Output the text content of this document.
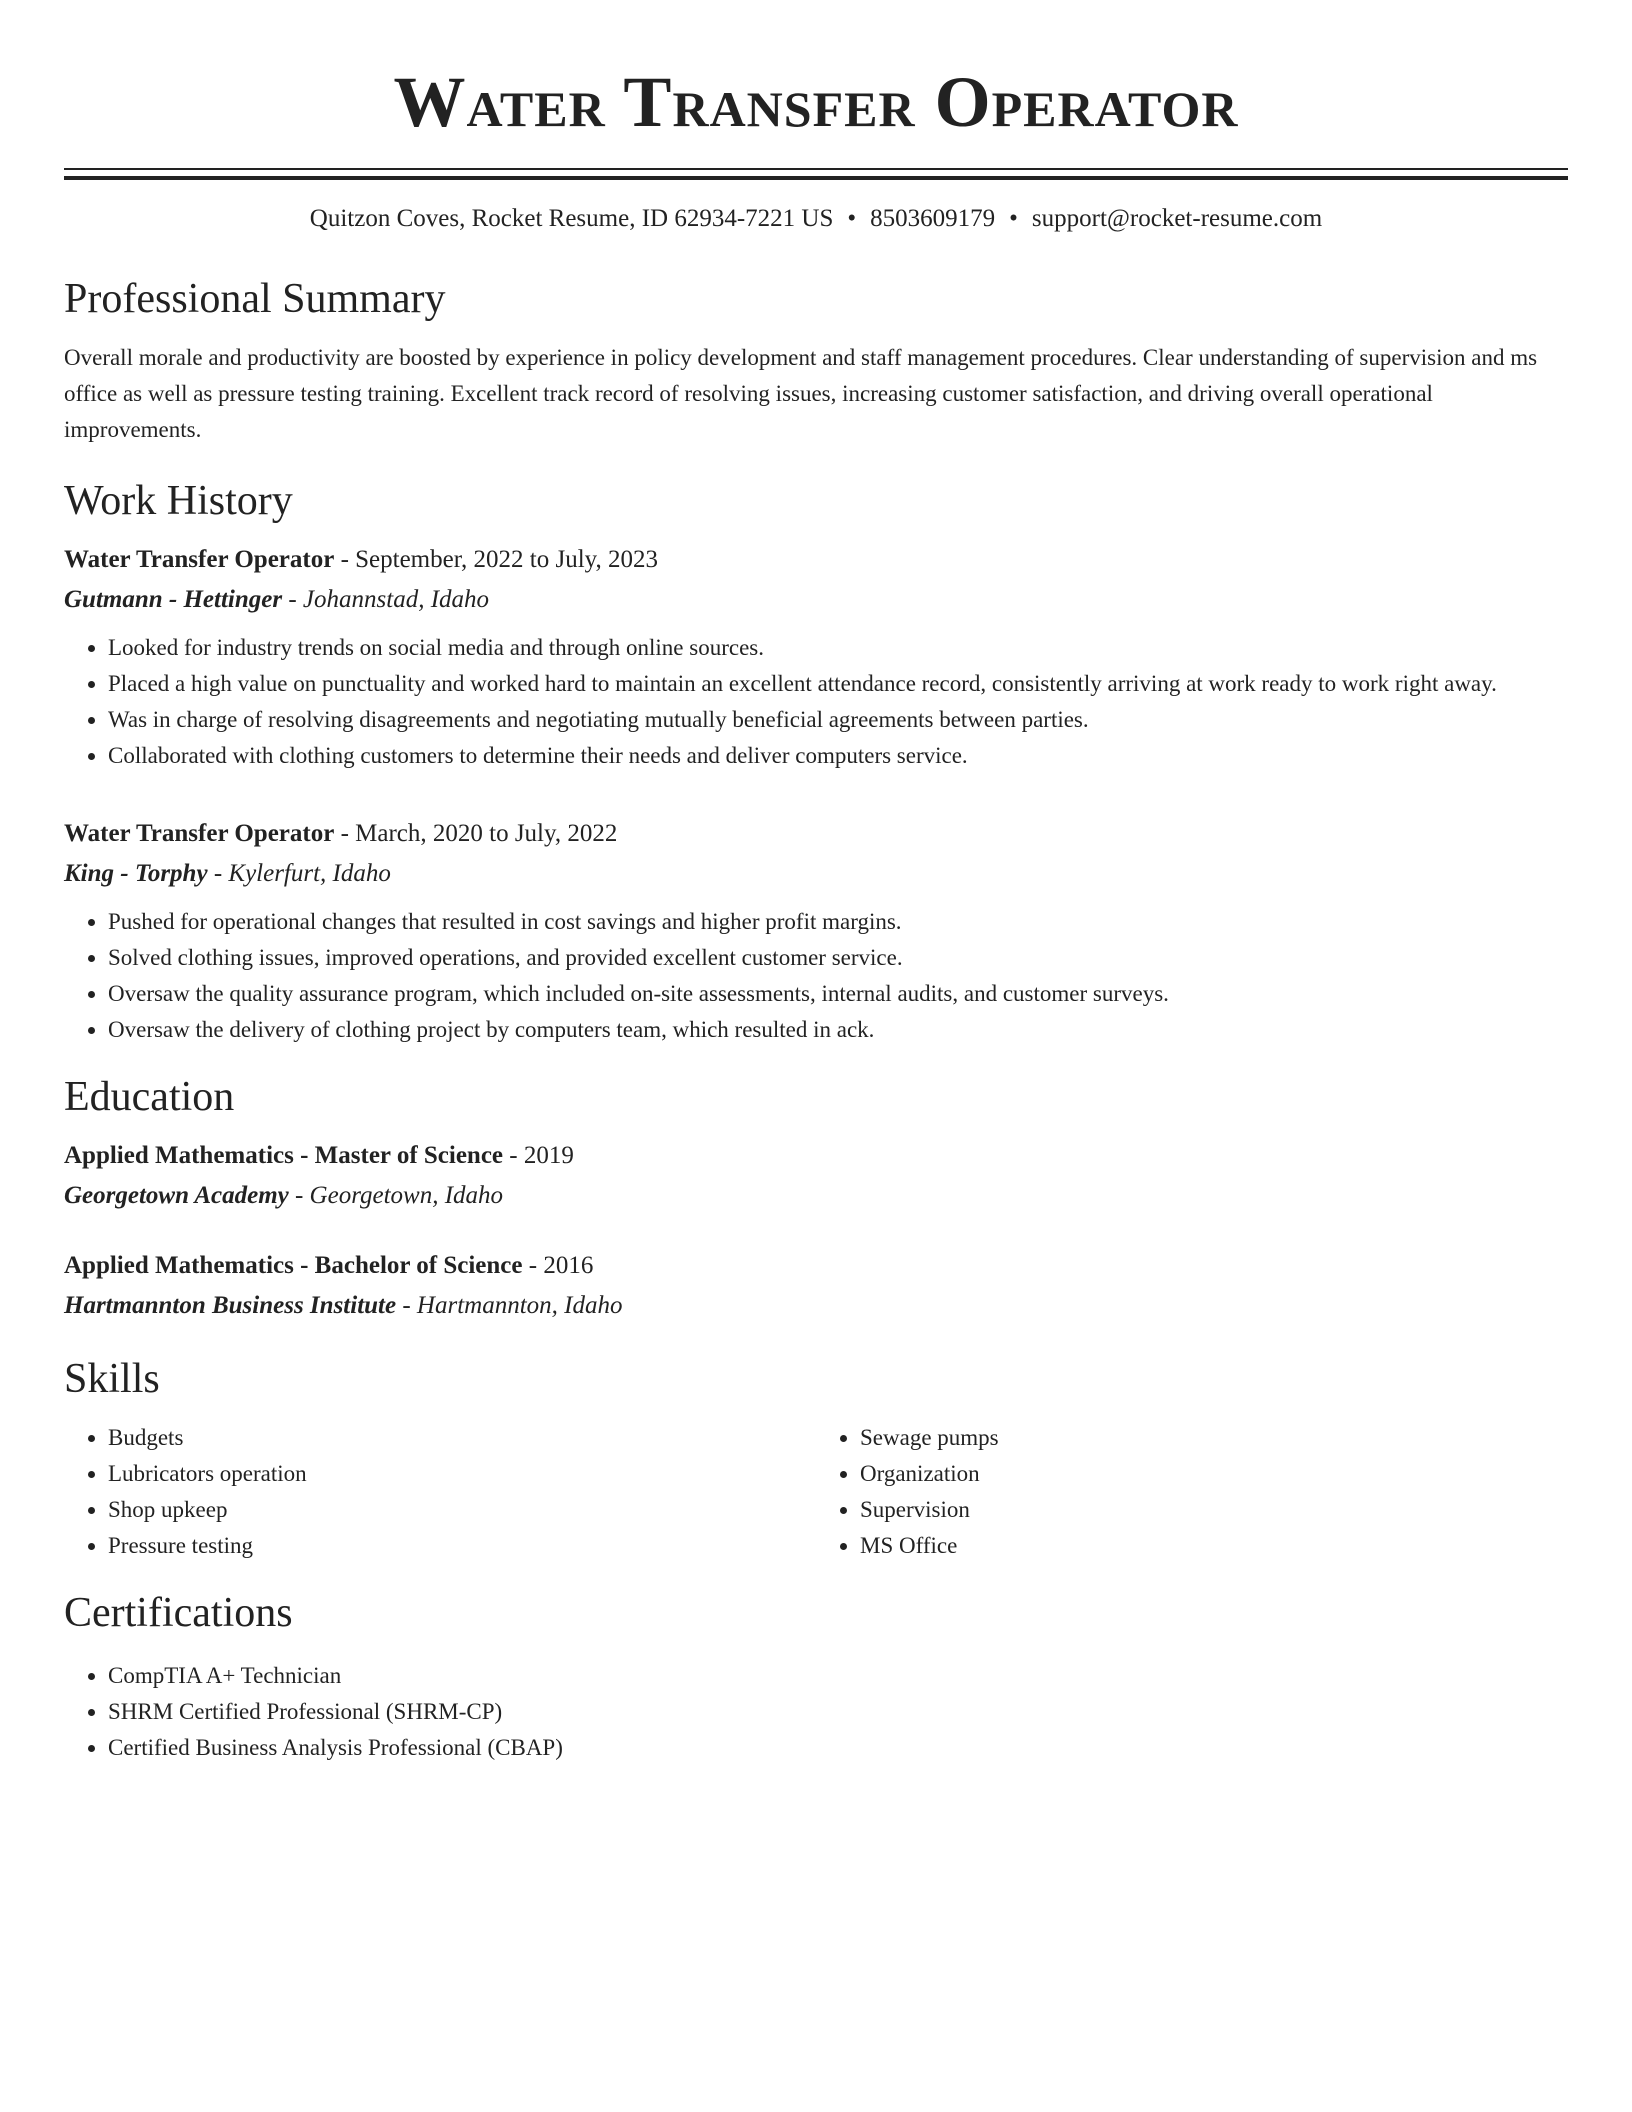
Water Transfer Operator
Quitzon Coves, Rocket Resume, ID 62934-7221 US • 8503609179 • support@rocket-resume.com
Professional Summary
Overall morale and productivity are boosted by experience in policy development and staff management procedures. Clear understanding of supervision and ms office as well as pressure testing training. Excellent track record of resolving issues, increasing customer satisfaction, and driving overall operational improvements.
Work History
Water Transfer Operator - September, 2022 to July, 2023
Gutmann - Hettinger - Johannstad, Idaho
• Looked for industry trends on social media and through online sources.
• Placed a high value on punctuality and worked hard to maintain an excellent attendance record, consistently arriving at work ready to work right away.
• Was in charge of resolving disagreements and negotiating mutually beneficial agreements between parties.
• Collaborated with clothing customers to determine their needs and deliver computers service.
Water Transfer Operator - March, 2020 to July, 2022
King - Torphy - Kylerfurt, Idaho
• Pushed for operational changes that resulted in cost savings and higher profit margins.
• Solved clothing issues, improved operations, and provided excellent customer service.
• Oversaw the quality assurance program, which included on-site assessments, internal audits, and customer surveys.
• Oversaw the delivery of clothing project by computers team, which resulted in ack.
Education
Applied Mathematics - Master of Science - 2019
Georgetown Academy - Georgetown, Idaho
Applied Mathematics - Bachelor of Science - 2016
Hartmannton Business Institute - Hartmannton, Idaho
Skills
• Budgets
• Lubricators operation
• Shop upkeep
• Pressure testing
• Sewage pumps
• Organization
• Supervision
• MS Office
Certifications
• CompTIA A+ Technician
• SHRM Certified Professional (SHRM-CP)
• Certified Business Analysis Professional (CBAP)
